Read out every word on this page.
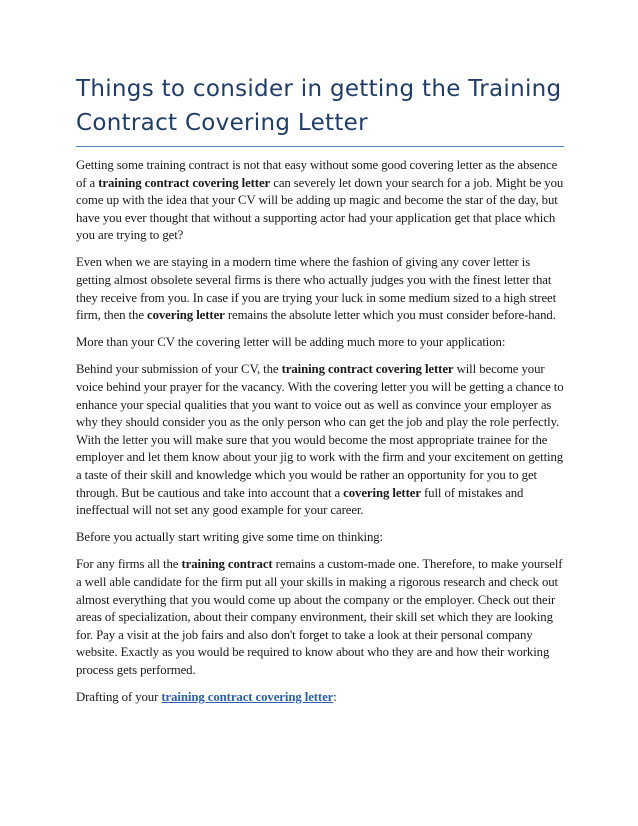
Things to consider in getting the Training Contract Covering Letter

Getting some training contract is not that easy without some good covering letter as the absence of a training contract covering letter can severely let down your search for a job. Might be you come up with the idea that your CV will be adding up magic and become the star of the day, but have you ever thought that without a supporting actor had your application get that place which you are trying to get?

Even when we are staying in a modern time where the fashion of giving any cover letter is getting almost obsolete several firms is there who actually judges you with the finest letter that they receive from you. In case if you are trying your luck in some medium sized to a high street firm, then the covering letter remains the absolute letter which you must consider before-hand.

More than your CV the covering letter will be adding much more to your application:

Behind your submission of your CV, the training contract covering letter will become your voice behind your prayer for the vacancy. With the covering letter you will be getting a chance to enhance your special qualities that you want to voice out as well as convince your employer as why they should consider you as the only person who can get the job and play the role perfectly. With the letter you will make sure that you would become the most appropriate trainee for the employer and let them know about your jig to work with the firm and your excitement on getting a taste of their skill and knowledge which you would be rather an opportunity for you to get through. But be cautious and take into account that a covering letter full of mistakes and ineffectual will not set any good example for your career.

Before you actually start writing give some time on thinking:

For any firms all the training contract remains a custom-made one. Therefore, to make yourself a well able candidate for the firm put all your skills in making a rigorous research and check out almost everything that you would come up about the company or the employer. Check out their areas of specialization, about their company environment, their skill set which they are looking for. Pay a visit at the job fairs and also don't forget to take a look at their personal company website. Exactly as you would be required to know about who they are and how their working process gets performed.

Drafting of your training contract covering letter:
